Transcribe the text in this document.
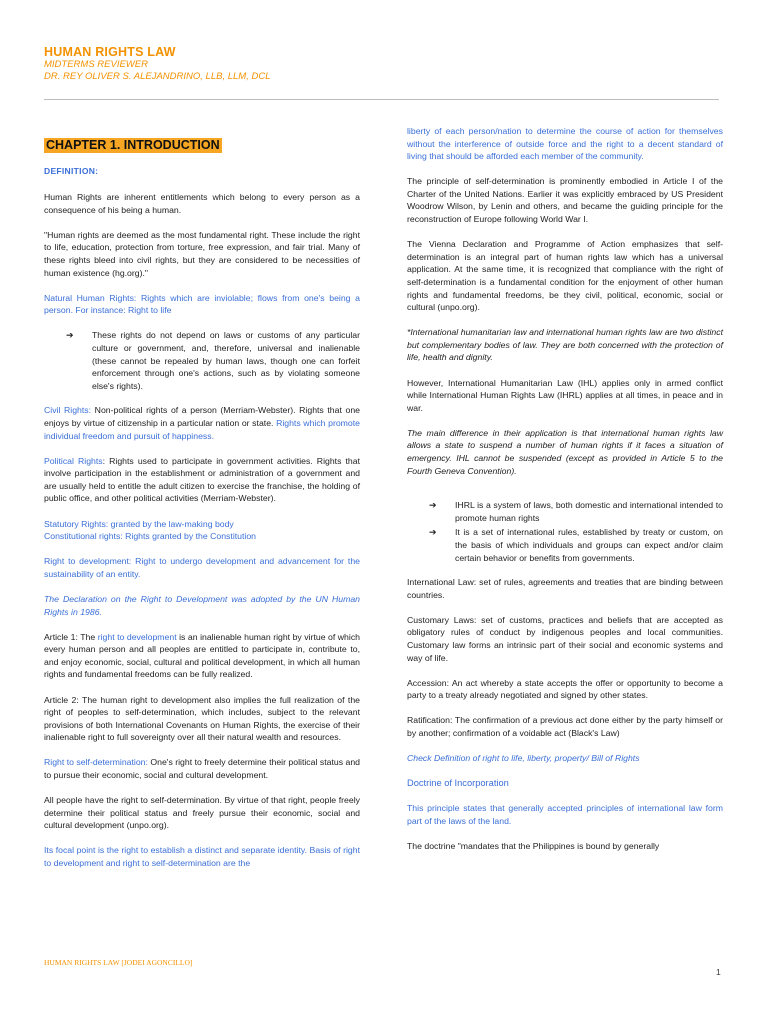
HUMAN RIGHTS LAW
MIDTERMS REVIEWER
DR. REY OLIVER S. ALEJANDRINO, LLB, LLM, DCL
CHAPTER 1. INTRODUCTION
DEFINITION:

Human Rights are inherent entitlements which belong to every person as a consequence of his being a human.

"Human rights are deemed as the most fundamental right. These include the right to life, education, protection from torture, free expression, and fair trial. Many of these rights bleed into civil rights, but they are considered to be necessities of human existence (hg.org)."

Natural Human Rights: Rights which are inviolable; flows from one's being a person. For instance: Right to life

➔	These rights do not depend on laws or customs of any particular culture or government, and, therefore, universal and inalienable (these cannot be repealed by human laws, though one can forfeit enforcement through one's actions, such as by violating someone else's rights).

Civil Rights: Non-political rights of a person (Merriam-Webster). Rights that one enjoys by virtue of citizenship in a particular nation or state. Rights which promote individual freedom and pursuit of happiness.

Political Rights: Rights used to participate in government activities. Rights that involve participation in the establishment or administration of a government and are usually held to entitle the adult citizen to exercise the franchise, the holding of public office, and other political activities (Merriam-Webster).

Statutory Rights: granted by the law-making body
Constitutional rights: Rights granted by the Constitution

Right to development: Right to undergo development and advancement for the sustainability of an entity.

The Declaration on the Right to Development was adopted by the UN Human Rights in 1986.

Article 1: The right to development is an inalienable human right by virtue of which every human person and all peoples are entitled to participate in, contribute to, and enjoy economic, social, cultural and political development, in which all human rights and fundamental freedoms can be fully realized.

Article 2: The human right to development also implies the full realization of the right of peoples to self-determination, which includes, subject to the relevant provisions of both International Covenants on Human Rights, the exercise of their inalienable right to full sovereignty over all their natural wealth and resources.

Right to self-determination: One's right to freely determine their political status and to pursue their economic, social and cultural development.

All people have the right to self-determination. By virtue of that right, people freely determine their political status and freely pursue their economic, social and cultural development (unpo.org).

Its focal point is the right to establish a distinct and separate identity. Basis of right to development and right to self-determination are the

liberty of each person/nation to determine the course of action for themselves without the interference of outside force and the right to a decent standard of living that should be afforded each member of the community.

The principle of self-determination is prominently embodied in Article I of the Charter of the United Nations. Earlier it was explicitly embraced by US President Woodrow Wilson, by Lenin and others, and became the guiding principle for the reconstruction of Europe following World War I.

The Vienna Declaration and Programme of Action emphasizes that self-determination is an integral part of human rights law which has a universal application. At the same time, it is recognized that compliance with the right of self-determination is a fundamental condition for the enjoyment of other human rights and fundamental freedoms, be they civil, political, economic, social or cultural (unpo.org).

*International humanitarian law and international human rights law are two distinct but complementary bodies of law. They are both concerned with the protection of life, health and dignity.

However, International Humanitarian Law (IHL) applies only in armed conflict while International Human Rights Law (IHRL) applies at all times, in peace and in war.

The main difference in their application is that international human rights law allows a state to suspend a number of human rights if it faces a situation of emergency. IHL cannot be suspended (except as provided in Article 5 to the Fourth Geneva Convention).

➔	IHRL is a system of laws, both domestic and international intended to promote human rights
➔	It is a set of international rules, established by treaty or custom, on the basis of which individuals and groups can expect and/or claim certain behavior or benefits from governments.

International Law: set of rules, agreements and treaties that are binding between countries.

Customary Laws: set of customs, practices and beliefs that are accepted as obligatory rules of conduct by indigenous peoples and local communities. Customary law forms an intrinsic part of their social and economic systems and way of life.

Accession: An act whereby a state accepts the offer or opportunity to become a party to a treaty already negotiated and signed by other states.

Ratification: The confirmation of a previous act done either by the party himself or by another; confirmation of a voidable act (Black's Law)

Check Definition of right to life, liberty, property/ Bill of Rights

Doctrine of Incorporation

This principle states that generally accepted principles of international law form part of the laws of the land.

The doctrine "mandates that the Philippines is bound by generally

HUMAN RIGHTS LAW [JODEI AGONCILLO]
1
